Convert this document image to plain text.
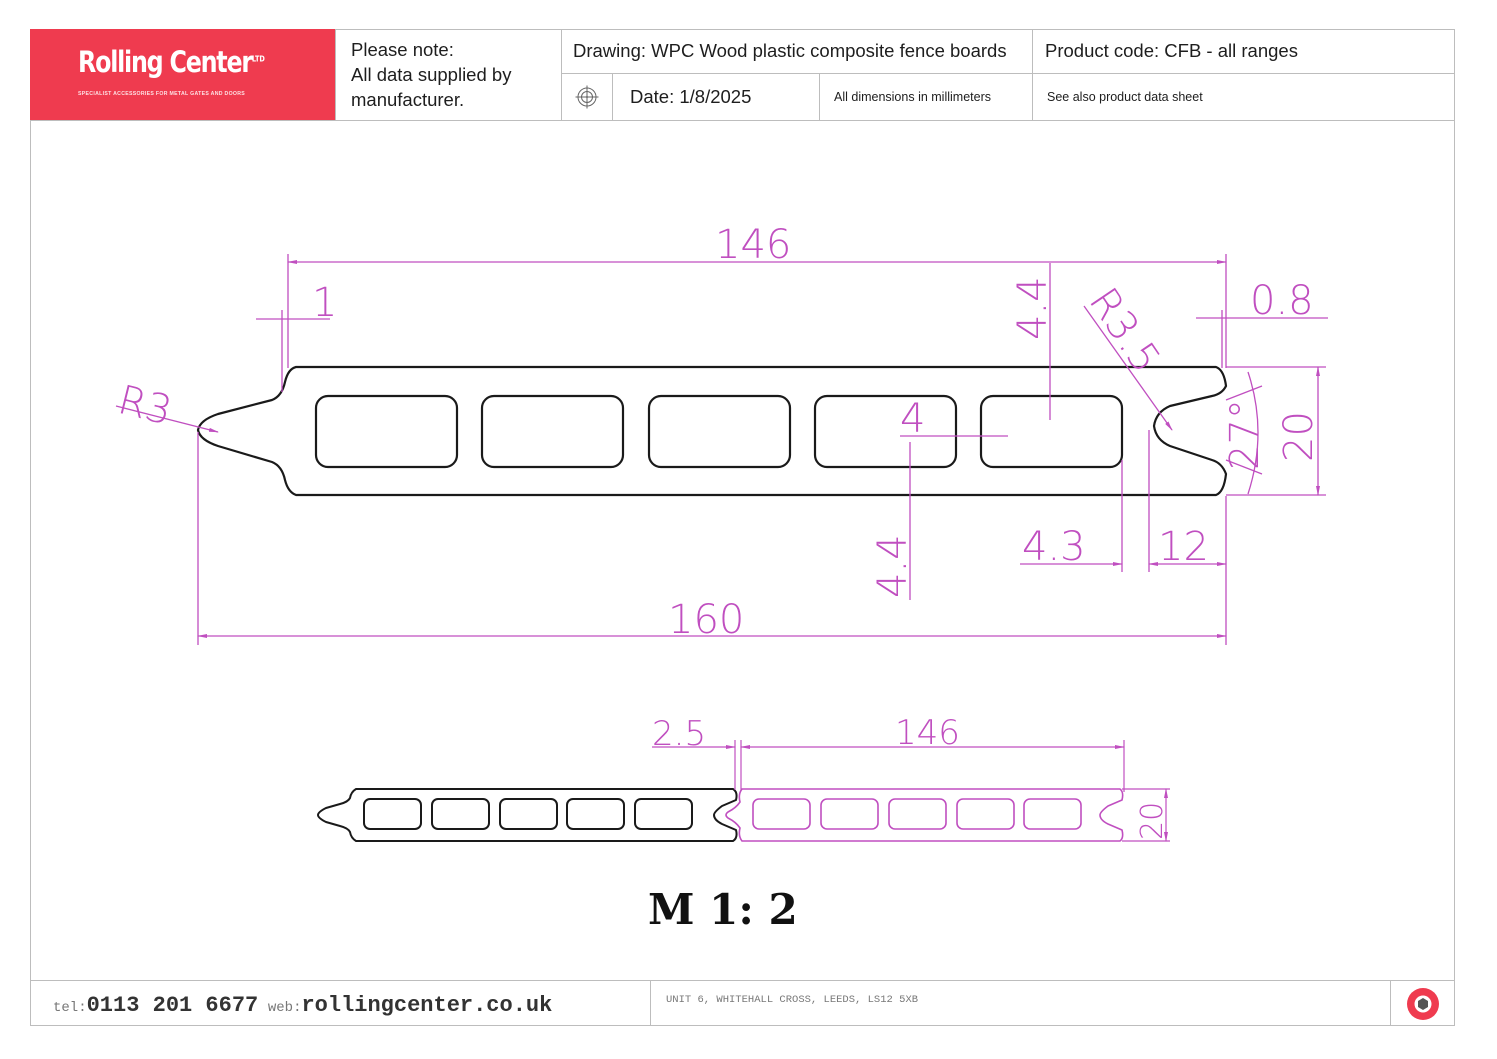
Rolling Center$^{LTD}$
SPECIALIST ACCESSORIES FOR METAL GATES AND DOORS
Please note:
All data supplied by
manufacturer.
Drawing: WPC Wood plastic composite fence boards	Product code: CFB - all ranges
Date: 1/8/2025	All dimensions in millimeters	See also product data sheet
146
1
R3
160
4.4
4
4.4
R3.5 0.8
27° 20
4.3 12
2.5	146
20
M 1: 2
tel:0113 201 6677 web:rollingcenter.co.uk	UNIT 6, WHITEHALL CROSS, LEEDS, LS12 5XB
